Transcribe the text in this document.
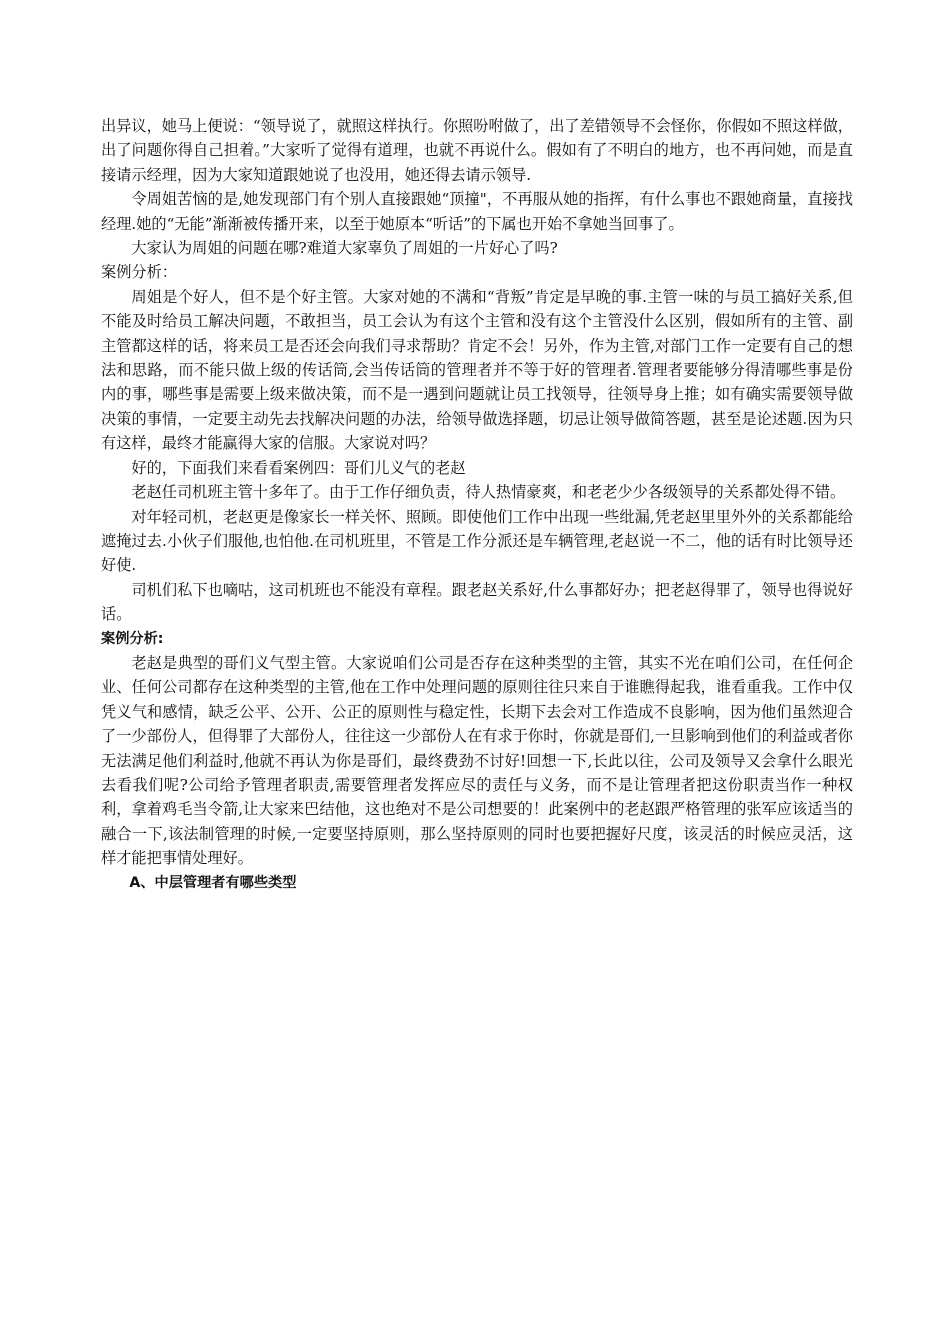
出异议，她马上便说：“领导说了，就照这样执行。你照吩咐做了，出了差错领导不会怪你，你假如不照这样做，出了问题你得自己担着。”大家听了觉得有道理，也就不再说什么。假如有了不明白的地方，也不再问她，而是直接请示经理，因为大家知道跟她说了也没用，她还得去请示领导.

令周姐苦恼的是,她发现部门有个别人直接跟她“顶撞"，不再服从她的指挥，有什么事也不跟她商量，直接找经理.她的“无能”渐渐被传播开来，以至于她原本“听话”的下属也开始不拿她当回事了。

大家认为周姐的问题在哪?难道大家辜负了周姐的一片好心了吗?

案例分析：

周姐是个好人，但不是个好主管。大家对她的不满和“背叛”肯定是早晚的事.主管一味的与员工搞好关系,但不能及时给员工解决问题，不敢担当，员工会认为有这个主管和没有这个主管没什么区别，假如所有的主管、副主管都这样的话，将来员工是否还会向我们寻求帮助？肯定不会！另外，作为主管,对部门工作一定要有自己的想法和思路，而不能只做上级的传话筒,会当传话筒的管理者并不等于好的管理者.管理者要能够分得清哪些事是份内的事，哪些事是需要上级来做决策，而不是一遇到问题就让员工找领导，往领导身上推；如有确实需要领导做决策的事情，一定要主动先去找解决问题的办法，给领导做选择题，切忌让领导做简答题，甚至是论述题.因为只有这样，最终才能赢得大家的信服。大家说对吗？

好的，下面我们来看看案例四：哥们儿义气的老赵

老赵任司机班主管十多年了。由于工作仔细负责，待人热情豪爽，和老老少少各级领导的关系都处得不错。

对年轻司机，老赵更是像家长一样关怀、照顾。即使他们工作中出现一些纰漏,凭老赵里里外外的关系都能给遮掩过去.小伙子们服他,也怕他.在司机班里，不管是工作分派还是车辆管理,老赵说一不二，他的话有时比领导还好使.

司机们私下也嘀咕，这司机班也不能没有章程。跟老赵关系好,什么事都好办；把老赵得罪了，领导也得说好话。

案例分析:

老赵是典型的哥们义气型主管。大家说咱们公司是否存在这种类型的主管，其实不光在咱们公司，在任何企业、任何公司都存在这种类型的主管,他在工作中处理问题的原则往往只来自于谁瞧得起我，谁看重我。工作中仅凭义气和感情，缺乏公平、公开、公正的原则性与稳定性，长期下去会对工作造成不良影响，因为他们虽然迎合了一少部份人，但得罪了大部份人，往往这一少部份人在有求于你时，你就是哥们,一旦影响到他们的利益或者你无法满足他们利益时,他就不再认为你是哥们，最终费劲不讨好!回想一下,长此以往，公司及领导又会拿什么眼光去看我们呢?公司给予管理者职责,需要管理者发挥应尽的责任与义务，而不是让管理者把这份职责当作一种权利，拿着鸡毛当令箭,让大家来巴结他，这也绝对不是公司想要的！此案例中的老赵跟严格管理的张军应该适当的融合一下,该法制管理的时候,一定要坚持原则，那么坚持原则的同时也要把握好尺度，该灵活的时候应灵活，这样才能把事情处理好。

A、中层管理者有哪些类型
